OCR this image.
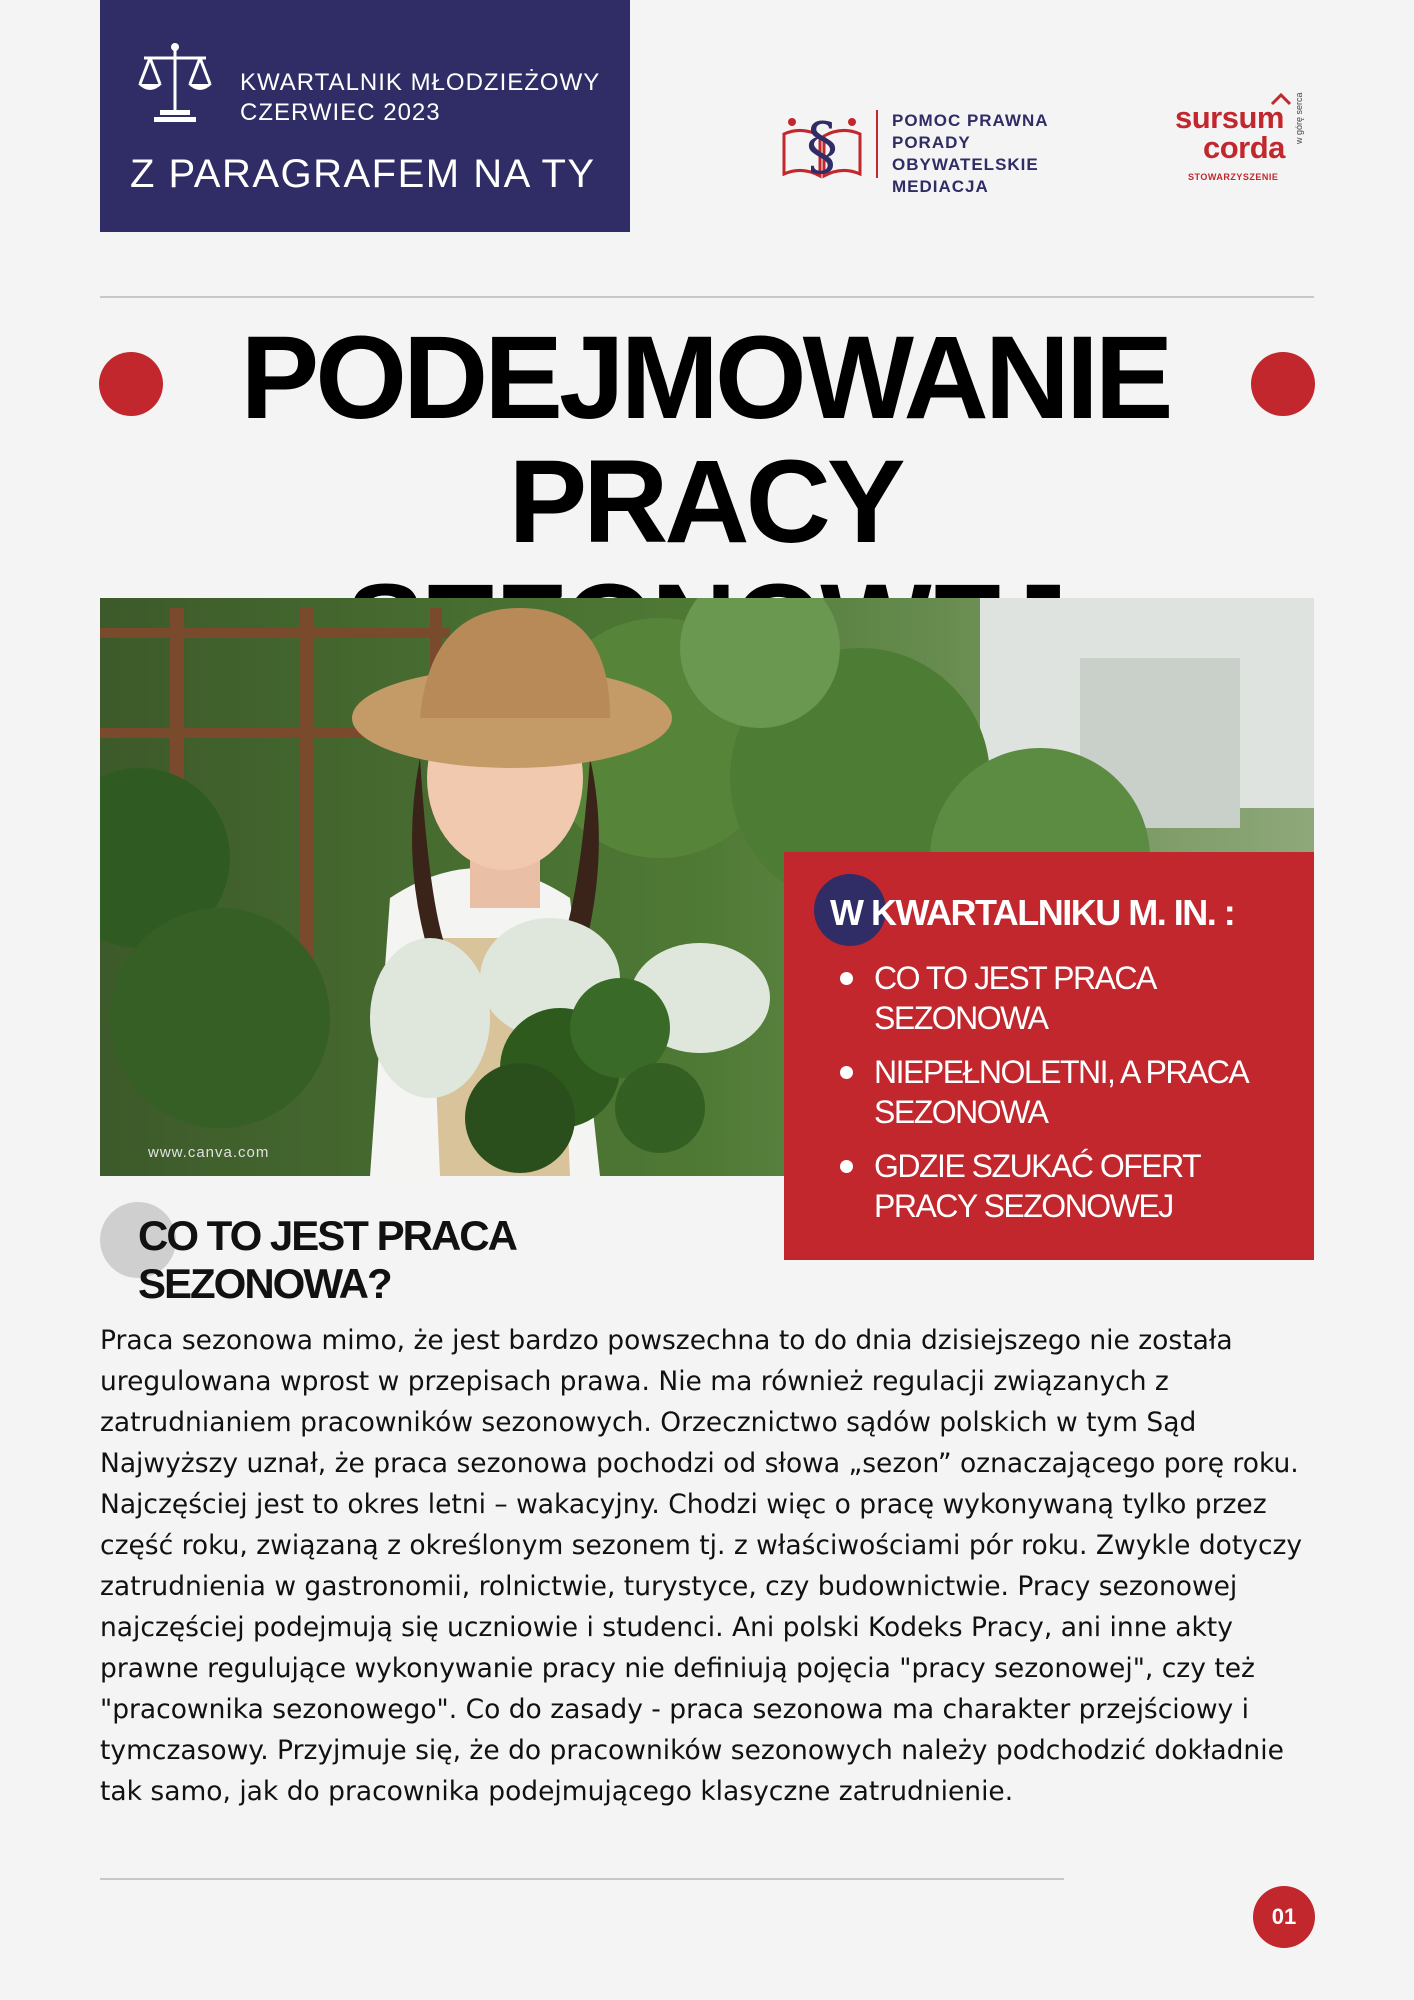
KWARTALNIK MŁODZIEŻOWY
CZERWIEC 2023
Z PARAGRAFEM NA TY	§	POMOC PRAWNA
PORADY OBYWATELSKIE
MEDIACJA
sursum
corda
STOWARZYSZENIE
w górę serca
PODEJMOWANIE
PRACY
www.canva.com
W KWARTALNIKU M. IN. :
CO TO JEST PRACA SEZONOWA
NIEPEŁNOLETNI, A PRACA SEZONOWA
GDZIE SZUKAĆ OFERT PRACY SEZONOWEJ
CO TO JEST PRACA SEZONOWA?
Praca sezonowa mimo, że jest bardzo powszechna to do dnia dzisiejszego nie została uregulowana wprost w przepisach prawa. Nie ma również regulacji związanych z zatrudnianiem pracowników sezonowych. Orzecznictwo sądów polskich w tym Sąd Najwyższy uznał, że praca sezonowa pochodzi od słowa „sezon” oznaczającego porę roku. Najczęściej jest to okres letni – wakacyjny. Chodzi więc o pracę wykonywaną tylko przez część roku, związaną z określonym sezonem tj. z właściwościami pór roku. Zwykle dotyczy zatrudnienia w gastronomii, rolnictwie, turystyce, czy budownictwie. Pracy sezonowej najczęściej podejmują się uczniowie i studenci. Ani polski Kodeks Pracy, ani inne akty prawne regulujące wykonywanie pracy nie definiują pojęcia "pracy sezonowej", czy też "pracownika sezonowego". Co do zasady - praca sezonowa ma charakter przejściowy i tymczasowy. Przyjmuje się, że do pracowników sezonowych należy podchodzić dokładnie tak samo, jak do pracownika podejmującego klasyczne zatrudnienie.
01
